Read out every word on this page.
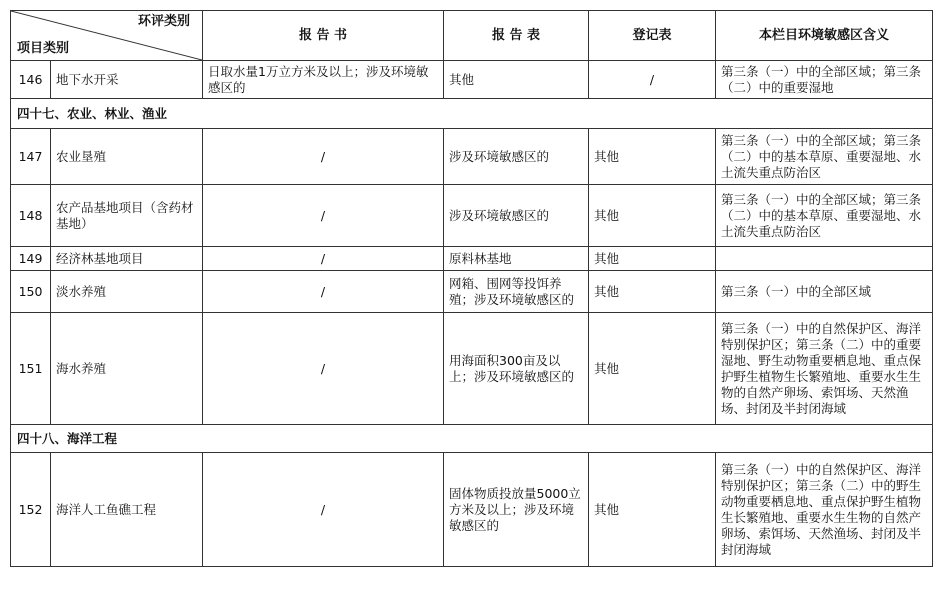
环评类别
项目类别		报 告 书	报 告 表	登记表	本栏目环境敏感区含义
146	地下水开采	日取水量1万立方米及以上；涉及环境敏感区的	其他	/	第三条（一）中的全部区域；第三条（二）中的重要湿地
四十七、农业、林业、渔业					
147	农业垦殖	/	涉及环境敏感区的	其他	第三条（一）中的全部区域；第三条（二）中的基本草原、重要湿地、水土流失重点防治区
148	农产品基地项目（含药材基地）	/	涉及环境敏感区的	其他	第三条（一）中的全部区域；第三条（二）中的基本草原、重要湿地、水土流失重点防治区
149	经济林基地项目	/	原料林基地	其他	
150	淡水养殖	/	网箱、围网等投饵养殖；涉及环境敏感区的	其他	第三条（一）中的全部区域
151	海水养殖	/	用海面积300亩及以上；涉及环境敏感区的	其他	第三条（一）中的自然保护区、海洋特别保护区；第三条（二）中的重要湿地、野生动物重要栖息地、重点保护野生植物生长繁殖地、重要水生生物的自然产卵场、索饵场、天然渔场、封闭及半封闭海域
四十八、海洋工程					
152	海洋人工鱼礁工程	/	固体物质投放量5000立方米及以上；涉及环境敏感区的	其他	第三条（一）中的自然保护区、海洋特别保护区；第三条（二）中的野生动物重要栖息地、重点保护野生植物生长繁殖地、重要水生生物的自然产卵场、索饵场、天然渔场、封闭及半封闭海域
